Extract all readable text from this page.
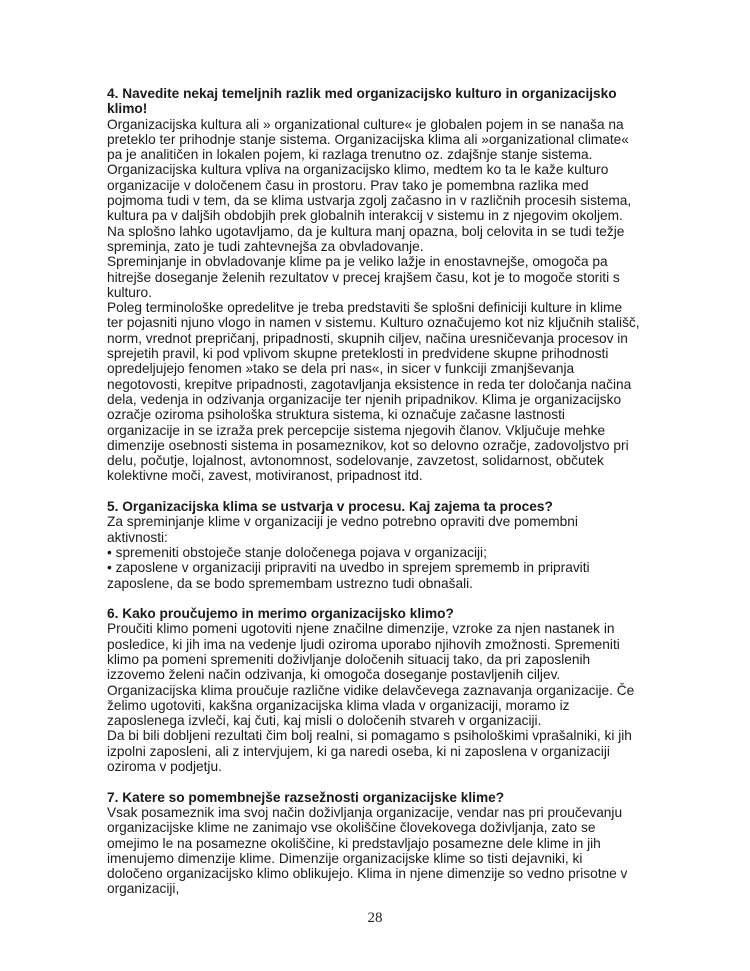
4. Navedite nekaj temeljnih razlik med organizacijsko kulturo in organizacijsko klimo!

Organizacijska kultura ali » organizational culture« je globalen pojem in se nanaša na preteklo ter prihodnje stanje sistema. Organizacijska klima ali »organizational climate« pa je analitičen in lokalen pojem, ki razlaga trenutno oz. zdajšnje stanje sistema. Organizacijska kultura vpliva na organizacijsko klimo, medtem ko ta le kaže kulturo organizacije v določenem času in prostoru. Prav tako je pomembna razlika med pojmoma tudi v tem, da se klima ustvarja zgolj začasno in v različnih procesih sistema, kultura pa v daljših obdobjih prek globalnih interakcij v sistemu in z njegovim okoljem. Na splošno lahko ugotavljamo, da je kultura manj opazna, bolj celovita in se tudi težje spreminja, zato je tudi zahtevnejša za obvladovanje.

Spreminjanje in obvladovanje klime pa je veliko lažje in enostavnejše, omogoča pa hitrejše doseganje želenih rezultatov v precej krajšem času, kot je to mogoče storiti s kulturo.

Poleg terminološke opredelitve je treba predstaviti še splošni definiciji kulture in klime ter pojasniti njuno vlogo in namen v sistemu. Kulturo označujemo kot niz ključnih stališč, norm, vrednot prepričanj, pripadnosti, skupnih ciljev, načina uresničevanja procesov in sprejetih pravil, ki pod vplivom skupne preteklosti in predvidene skupne prihodnosti opredeljujejo fenomen »tako se dela pri nas«, in sicer v funkciji zmanjševanja negotovosti, krepitve pripadnosti, zagotavljanja eksistence in reda ter določanja načina dela, vedenja in odzivanja organizacije ter njenih pripadnikov. Klima je organizacijsko ozračje oziroma psihološka struktura sistema, ki označuje začasne lastnosti organizacije in se izraža prek percepcije sistema njegovih članov. Vključuje mehke dimenzije osebnosti sistema in posameznikov, kot so delovno ozračje, zadovoljstvo pri delu, počutje, lojalnost, avtonomnost, sodelovanje, zavzetost, solidarnost, občutek kolektivne moči, zavest, motiviranost, pripadnost itd.

5. Organizacijska klima se ustvarja v procesu. Kaj zajema ta proces?

Za spreminjanje klime v organizaciji je vedno potrebno opraviti dve pomembni aktivnosti:

• spremeniti obstoječe stanje določenega pojava v organizaciji;

• zaposlene v organizaciji pripraviti na uvedbo in sprejem sprememb in pripraviti zaposlene, da se bodo spremembam ustrezno tudi obnašali.

6. Kako proučujemo in merimo organizacijsko klimo?

Proučiti klimo pomeni ugotoviti njene značilne dimenzije, vzroke za njen nastanek in posledice, ki jih ima na vedenje ljudi oziroma uporabo njihovih zmožnosti. Spremeniti klimo pa pomeni spremeniti doživljanje določenih situacij tako, da pri zaposlenih izzovemo želeni način odzivanja, ki omogoča doseganje postavljenih ciljev.

Organizacijska klima proučuje različne vidike delavčevega zaznavanja organizacije. Če želimo ugotoviti, kakšna organizacijska klima vlada v organizaciji, moramo iz zaposlenega izvleči, kaj čuti, kaj misli o določenih stvareh v organizaciji.

Da bi bili dobljeni rezultati čim bolj realni, si pomagamo s psihološkimi vprašalniki, ki jih izpolni zaposleni, ali z intervjujem, ki ga naredi oseba, ki ni zaposlena v organizaciji oziroma v podjetju.

7. Katere so pomembnejše razsežnosti organizacijske klime?

Vsak posameznik ima svoj način doživljanja organizacije, vendar nas pri proučevanju organizacijske klime ne zanimajo vse okoliščine človekovega doživljanja, zato se omejimo le na posamezne okoliščine, ki predstavljajo posamezne dele klime in jih imenujemo dimenzije klime. Dimenzije organizacijske klime so tisti dejavniki, ki določeno organizacijsko klimo oblikujejo. Klima in njene dimenzije so vedno prisotne v organizaciji,

28
